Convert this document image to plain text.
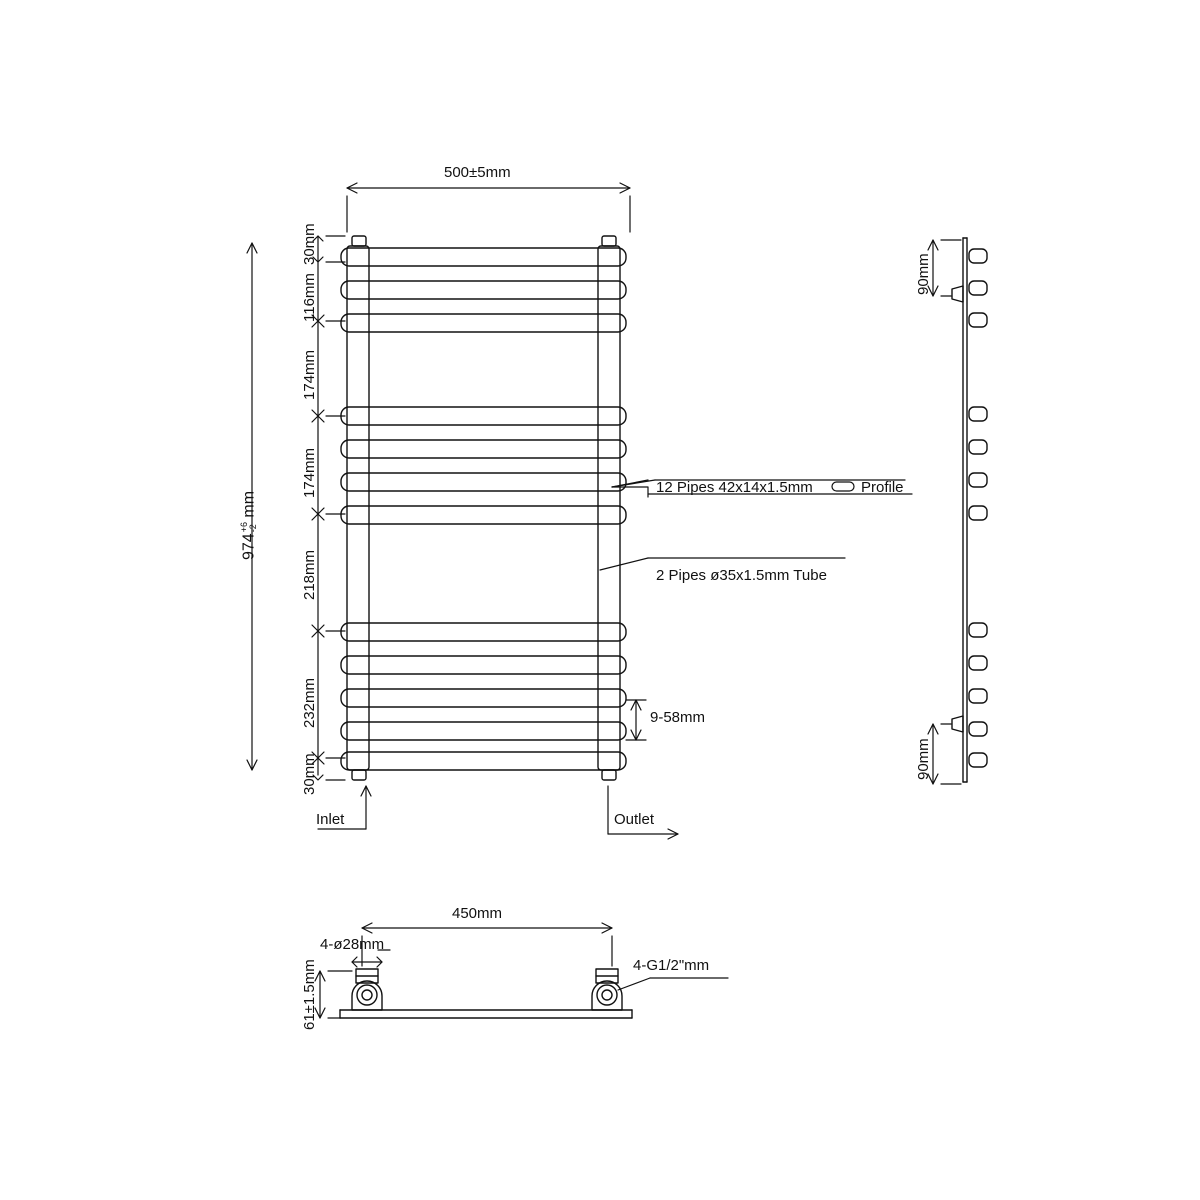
500±5mm
974
+6 -2
mm
30mm
116mm
174mm
174mm
218mm
232mm
30mm
9-58mm
12 Pipes 42x14x1.5mm	Profile
2 Pipes ø35x1.5mm Tube
Inlet	Outlet
90mm
90mm
450mm
61±1.5mm
4-ø28mm
4-G1/2"mm
